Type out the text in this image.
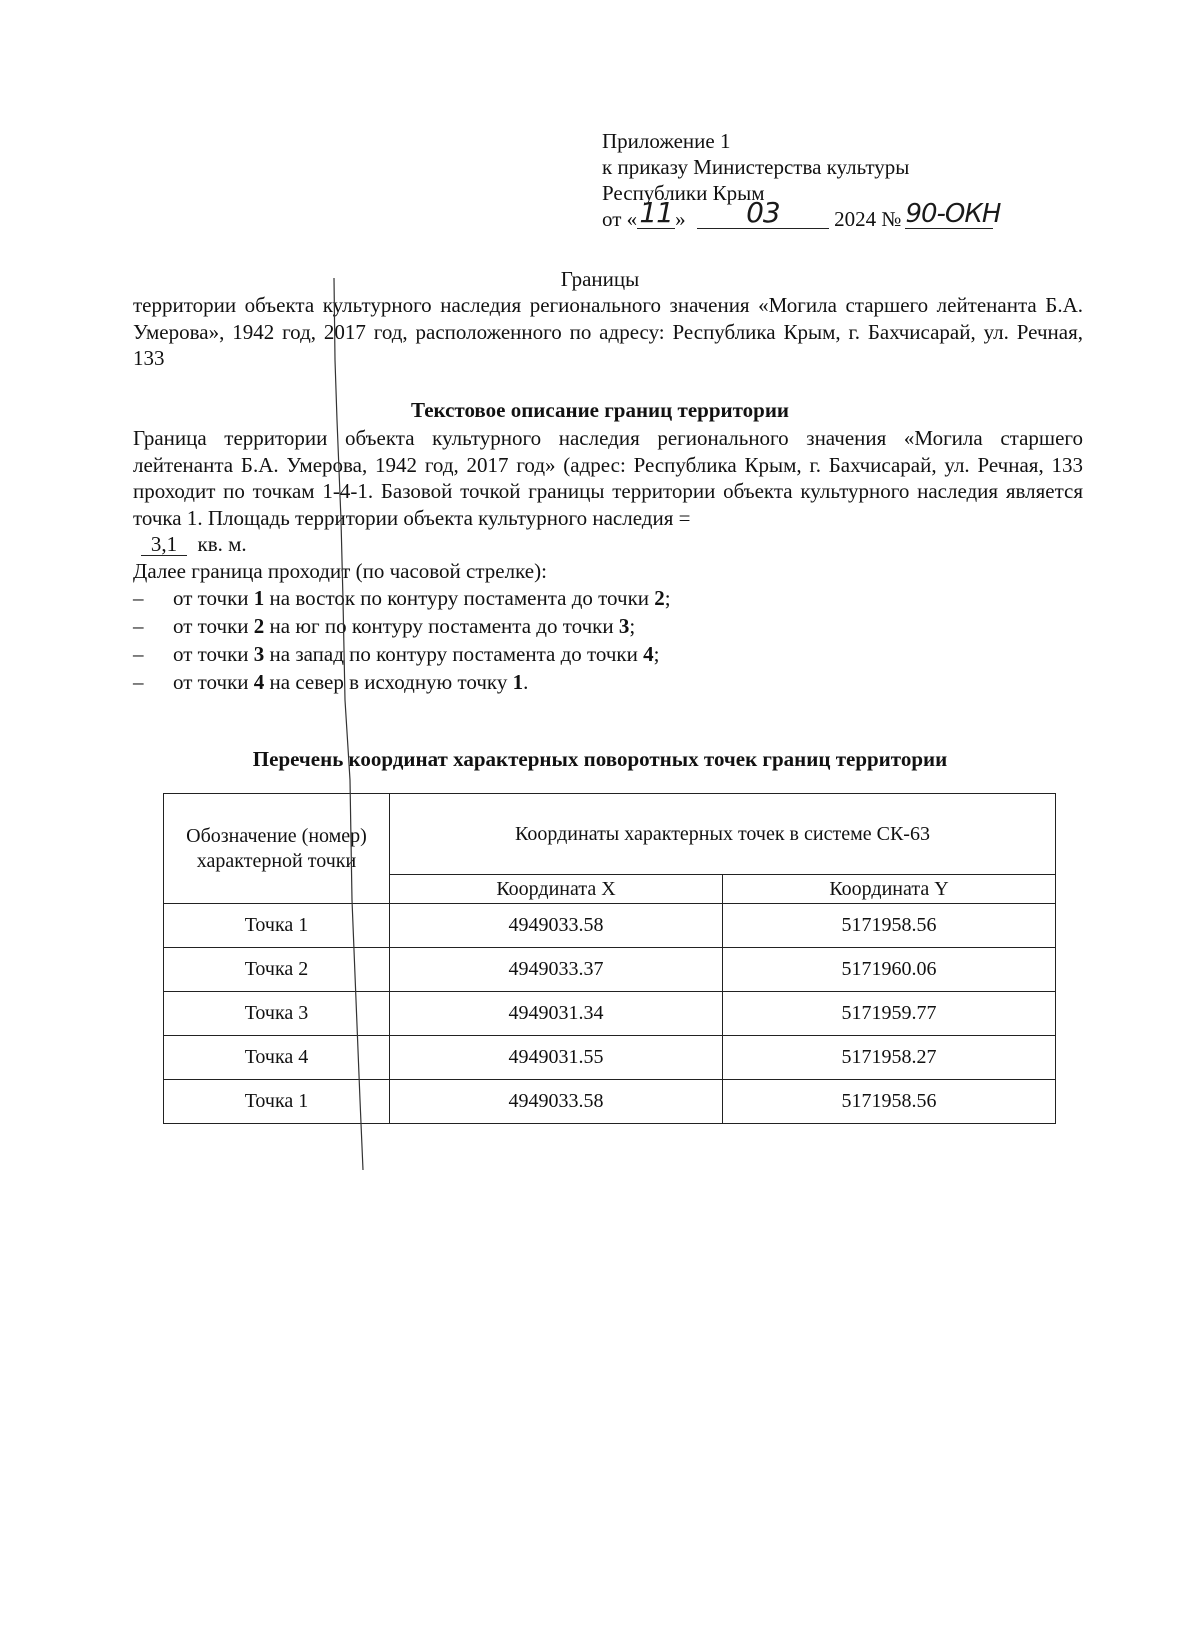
Приложение 1
к приказу Министерства культуры
Республики Крым
от «11 » 03	2024 № 90-ОКН
Границы
территории объекта культурного наследия регионального значения «Могила старшего лейтенанта Б.А. Умерова», 1942 год, 2017 год, расположенного по адресу: Республика Крым, г. Бахчисарай, ул. Речная, 133
Текстовое описание границ территории
Граница территории объекта культурного наследия регионального значения «Могила старшего лейтенанта Б.А. Умерова, 1942 год, 2017 год» (адрес: Республика Крым, г. Бахчисарай, ул. Речная, 133 проходит по точкам 1-4-1. Базовой точкой границы территории объекта культурного наследия является точка 1. Площадь территории объекта культурного наследия =
3,1 кв. м.
Далее граница проходит (по часовой стрелке):
– от точки 1 на восток по контуру постамента до точки 2;
– от точки 2 на юг по контуру постамента до точки 3;
– от точки 3 на запад по контуру постамента до точки 4;
– от точки 4 на север в исходную точку 1.
Перечень координат характерных поворотных точек границ территории
Обозначение (номер) характерной точки	Координаты характерных точек в системе СК-63	
	Координата X	Координата Y
Точка 1	4949033.58	5171958.56
Точка 2	4949033.37	5171960.06
Точка 3	4949031.34	5171959.77
Точка 4	4949031.55	5171958.27
Точка 1	4949033.58	5171958.56
